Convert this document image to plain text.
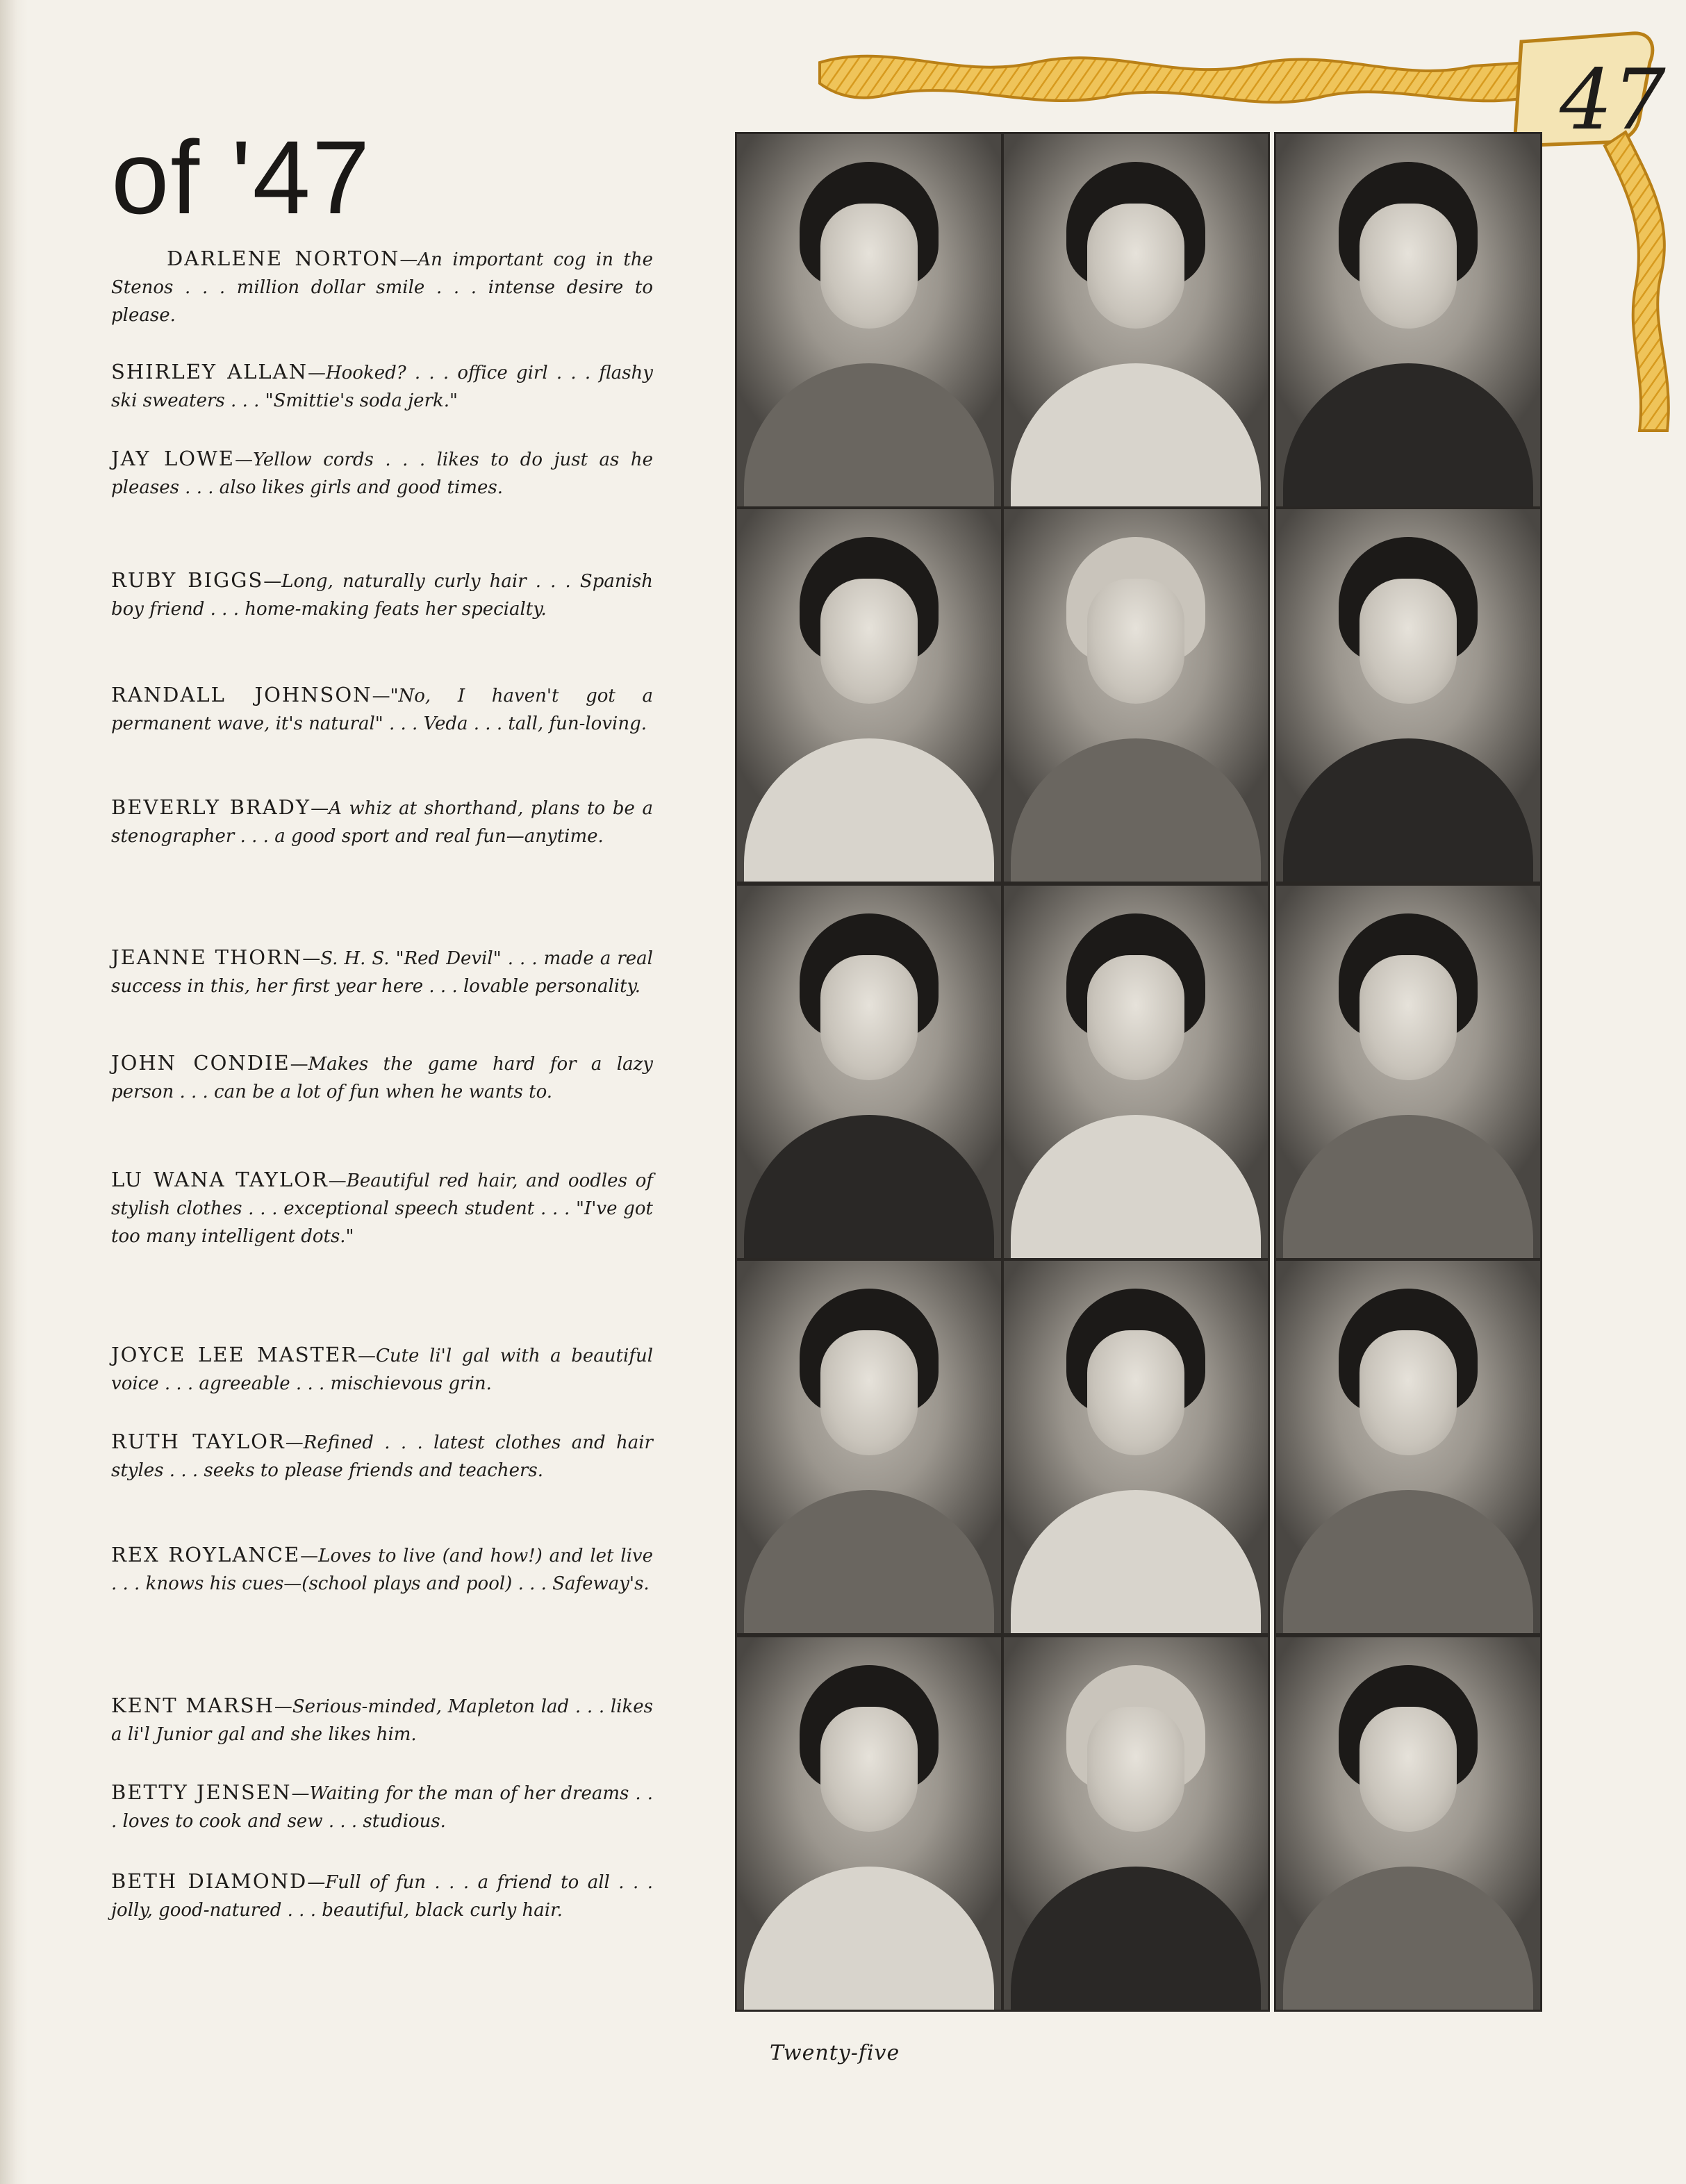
47
of '47

DARLENE NORTON—An important cog in the Stenos . . . million dollar smile . . . intense desire to please.

SHIRLEY ALLAN—Hooked? . . . office girl . . . flashy ski sweaters . . . "Smittie's soda jerk."

JAY LOWE—Yellow cords . . . likes to do just as he pleases . . . also likes girls and good times.

RUBY BIGGS—Long, naturally curly hair . . . Spanish boy friend . . . home-making feats her specialty.

RANDALL JOHNSON—"No, I haven't got a permanent wave, it's natural" . . . Veda . . . tall, fun-loving.

BEVERLY BRADY—A whiz at shorthand, plans to be a stenographer . . . a good sport and real fun—anytime.

JEANNE THORN—S. H. S. "Red Devil" . . . made a real success in this, her first year here . . . lovable personality.

JOHN CONDIE—Makes the game hard for a lazy person . . . can be a lot of fun when he wants to.

LU WANA TAYLOR—Beautiful red hair, and oodles of stylish clothes . . . exceptional speech student . . . "I've got too many intelligent dots."

JOYCE LEE MASTER—Cute li'l gal with a beautiful voice . . . agreeable . . . mischievous grin.

RUTH TAYLOR—Refined . . . latest clothes and hair styles . . . seeks to please friends and teachers.

REX ROYLANCE—Loves to live (and how!) and let live . . . knows his cues—(school plays and pool) . . . Safeway's.

KENT MARSH—Serious-minded, Mapleton lad . . . likes a li'l Junior gal and she likes him.

BETTY JENSEN—Waiting for the man of her dreams . . . loves to cook and sew . . . studious.

BETH DIAMOND—Full of fun . . . a friend to all . . . jolly, good-natured . . . beautiful, black curly hair.

Twenty-five
